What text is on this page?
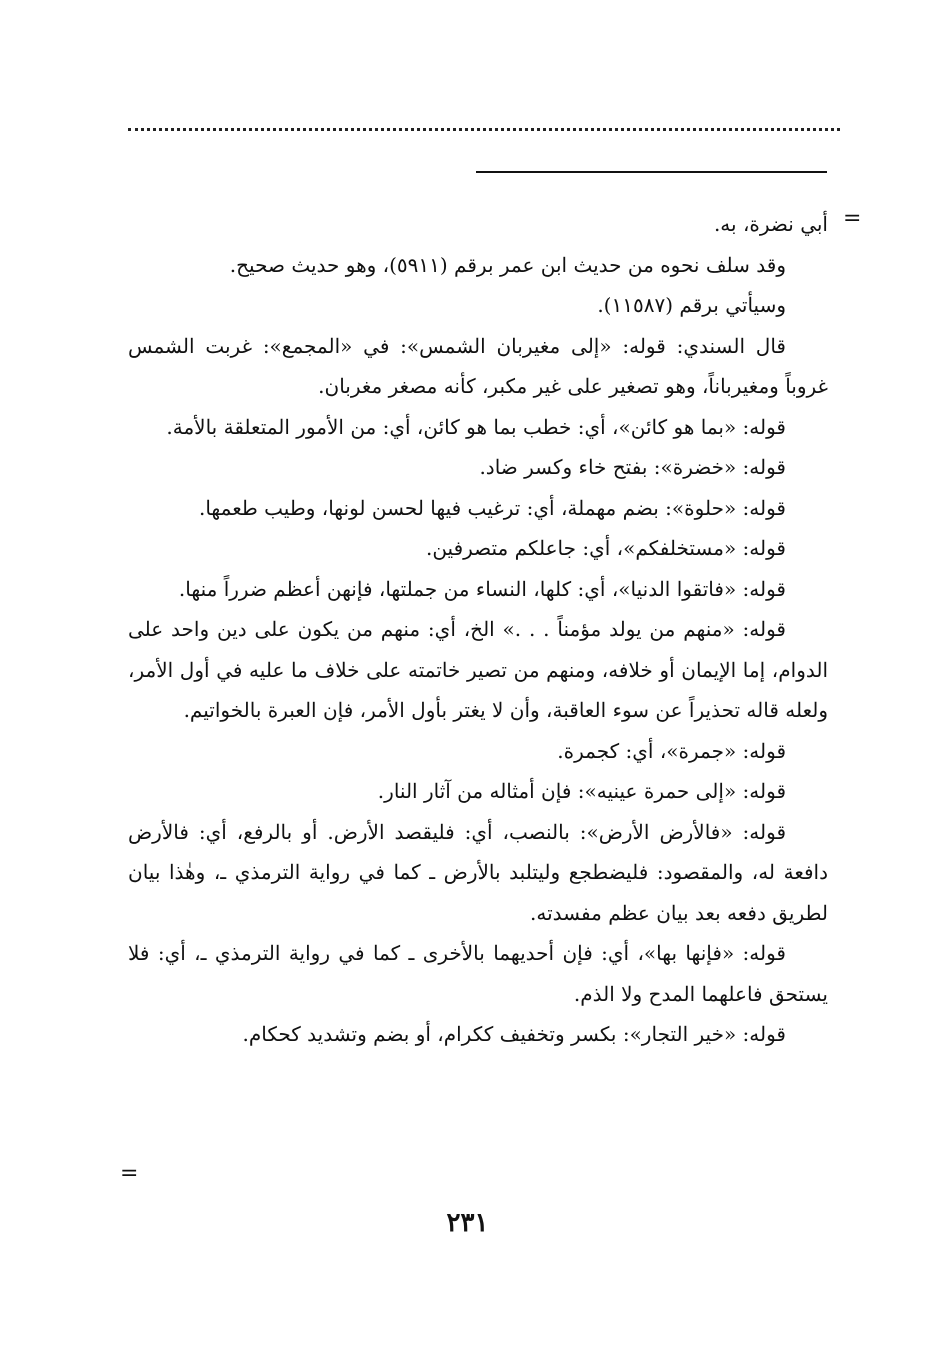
=

أبي نضرة، به.

وقد سلف نحوه من حديث ابن عمر برقم (٥٩١١)، وهو حديث صحيح.

وسيأتي برقم (١١٥٨٧).

قال السندي: قوله: «إلى مغيربان الشمس»: في «المجمع»: غربت الشمس غروباً ومغيرباناً، وهو تصغير على غير مكبر، كأنه مصغر مغربان.

قوله: «بما هو كائن»، أي: خطب بما هو كائن، أي: من الأمور المتعلقة بالأمة.

قوله: «خضرة»: بفتح خاء وكسر ضاد.

قوله: «حلوة»: بضم مهملة، أي: ترغيب فيها لحسن لونها، وطيب طعمها.

قوله: «مستخلفكم»، أي: جاعلكم متصرفين.

قوله: «فاتقوا الدنيا»، أي: كلها، النساء من جملتها، فإنهن أعظم ضرراً منها.

قوله: «منهم من يولد مؤمناً . . .» الخ، أي: منهم من يكون على دين واحد على الدوام، إما الإيمان أو خلافه، ومنهم من تصير خاتمته على خلاف ما عليه في أول الأمر، ولعله قاله تحذيراً عن سوء العاقبة، وأن لا يغتر بأول الأمر، فإن العبرة بالخواتيم.

قوله: «جمرة»، أي: كجمرة.

قوله: «إلى حمرة عينيه»: فإن أمثاله من آثار النار.

قوله: «فالأرض الأرض»: بالنصب، أي: فليقصد الأرض. أو بالرفع، أي: فالأرض دافعة له، والمقصود: فليضطجع وليتلبد بالأرض ـ كما في رواية الترمذي ـ، وهٰذا بيان لطريق دفعه بعد بيان عظم مفسدته.

قوله: «فإنها بها»، أي: فإن أحديهما بالأخرى ـ كما في رواية الترمذي ـ، أي: فلا يستحق فاعلهما المدح ولا الذم.

قوله: «خير التجار»: بكسر وتخفيف ككرام، أو بضم وتشديد كحكام.

=
٢٣١
